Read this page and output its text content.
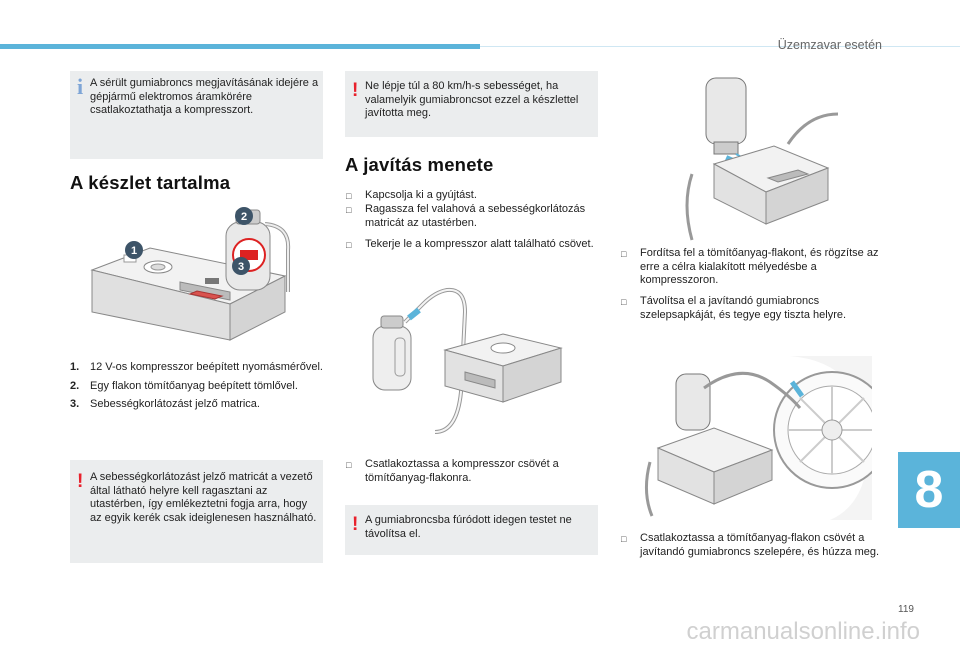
Üzemzavar esetén
8
119
carmanualsonline.info
i A sérült gumiabroncs megjavításának idejére a gépjármű elektromos áramkörére csatlakoztathatja a kompresszort.

A készlet tartalma
1
2
3
1. 12 V-os kompresszor beépített nyomásmérővel.
2. Egy flakon tömítőanyag beépített tömlővel.
3. Sebességkorlátozást jelző matrica.
! A sebességkorlátozást jelző matricát a vezető által látható helyre kell ragasztani az utastérben, így emlékeztetni fogja arra, hogy az egyik kerék csak ideiglenesen használható.

! Ne lépje túl a 80 km/h-s sebességet, ha valamelyik gumiabroncsot ezzel a készlettel javította meg.

A javítás menete
□ Kapcsolja ki a gyújtást.
□ Ragassza fel valahová a sebességkorlátozás matricát az utastérben.
□ Tekerje le a kompresszor alatt található csövet.
□ Csatlakoztassa a kompresszor csövét a tömítőanyag-flakonra.
! A gumiabroncsba fúródott idegen testet ne távolítsa el.

□ Fordítsa fel a tömítőanyag-flakont, és rögzítse az erre a célra kialakított mélyedésbe a kompresszoron.
□ Távolítsa el a javítandó gumiabroncs szelepsapkáját, és tegye egy tiszta helyre.
□ Csatlakoztassa a tömítőanyag-flakon csövét a javítandó gumiabroncs szelepére, és húzza meg.
